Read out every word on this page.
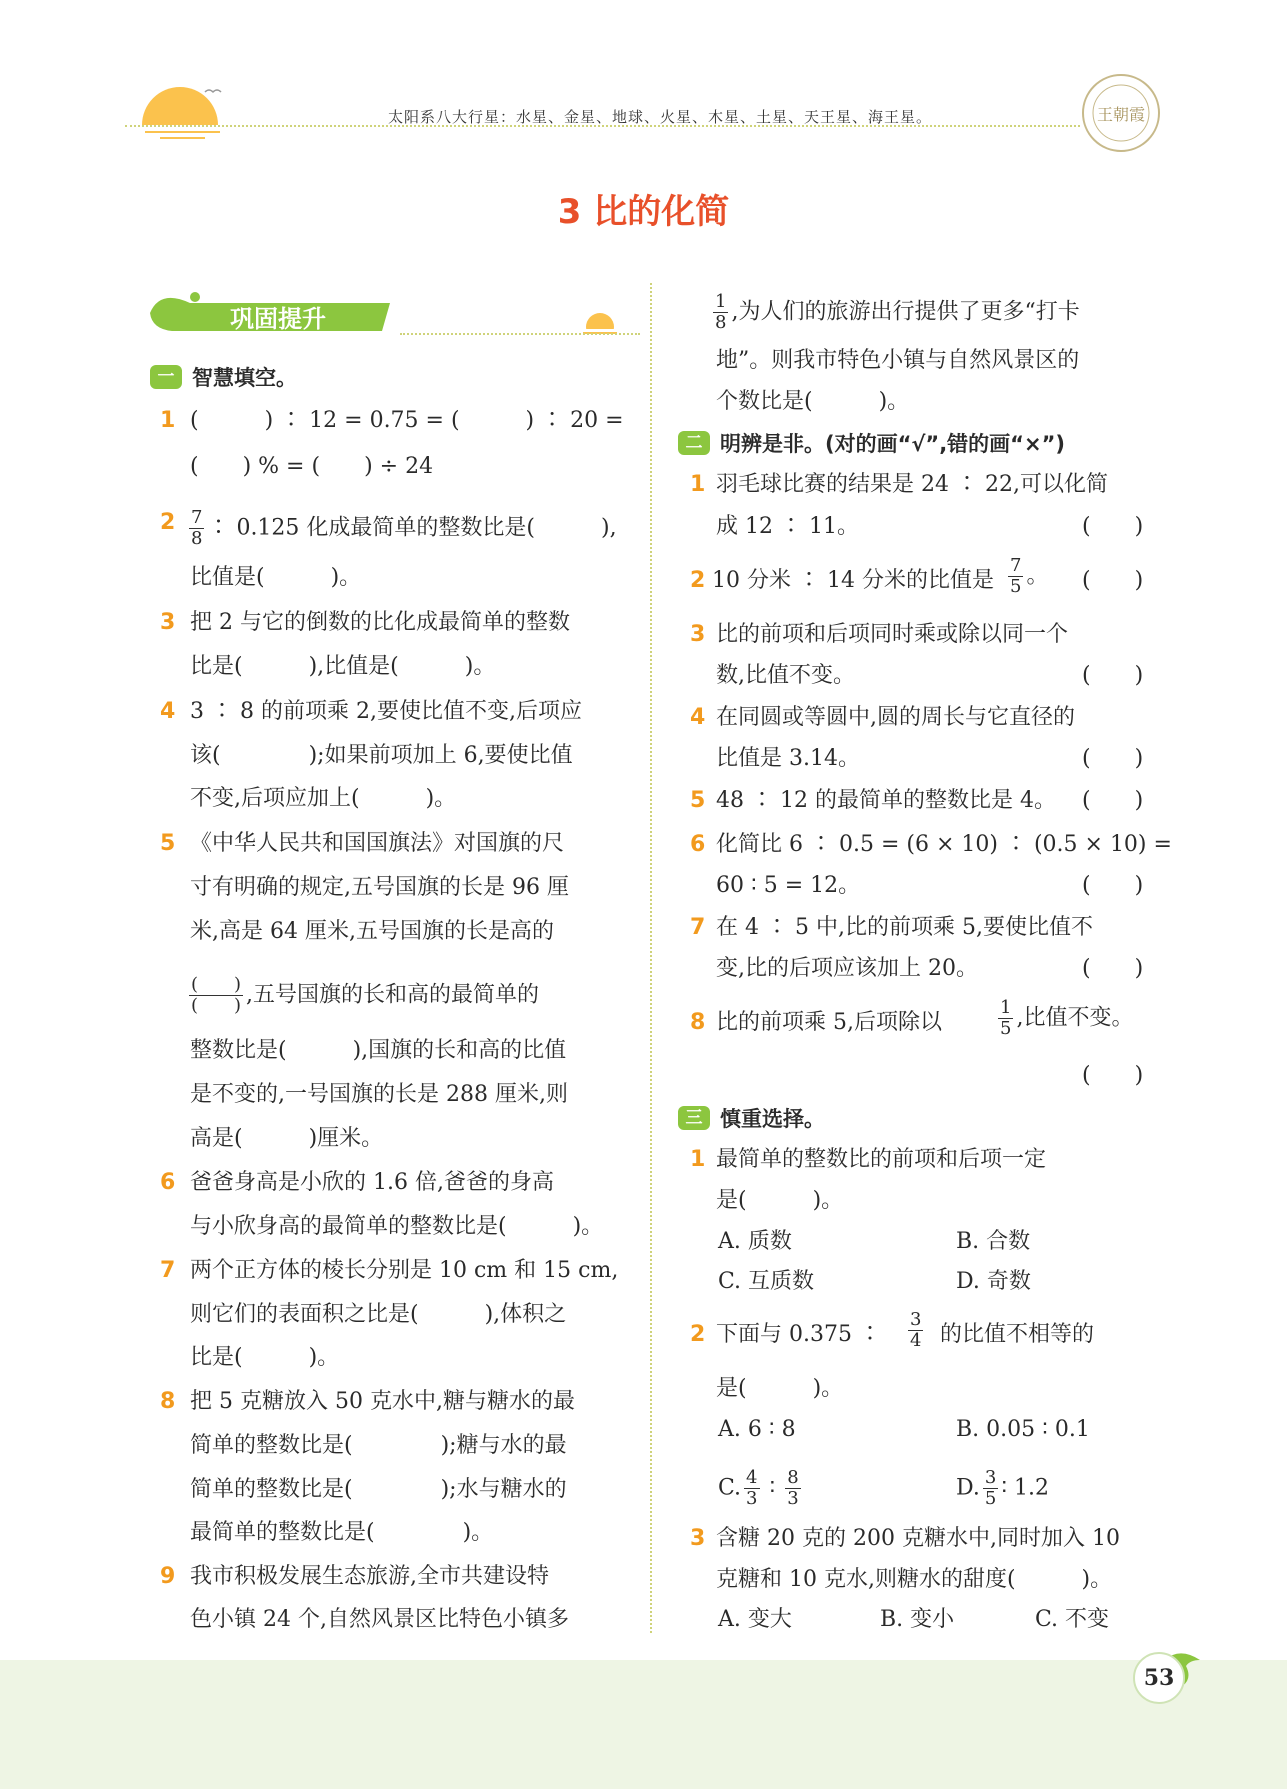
太阳系八大行星：水星、金星、地球、火星、木星、土星、天王星、海王星。	王朝霞
3 比的化简
巩固提升
一 智慧填空。
1 (　　　) ∶ 12 = 0.75 = (　　　) ∶ 20 =
(　　) % = (　　) ÷ 24
$2 \frac{7}{8}$ ∶ 0.125 化成最简单的整数比是(　　　),
比值是(　　　)。
3 把 2 与它的倒数的比化成最简单的整数
比是(　　　),比值是(　　　)。
4 3 ∶ 8 的前项乘 2,要使比值不变,后项应
该(　　　　);如果前项加上 6,要使比值
不变,后项应加上(　　　)。
5 《中华人民共和国国旗法》对国旗的尺
寸有明确的规定,五号国旗的长是 96 厘
米,高是 64 厘米,五号国旗的长是高的
$\frac{( )}{( )}$ ,五号国旗的长和高的最简单的
整数比是(　　　),国旗的长和高的比值
是不变的,一号国旗的长是 288 厘米,则
高是(　　　)厘米。
6 爸爸身高是小欣的 1.6 倍,爸爸的身高
与小欣身高的最简单的整数比是(　　　)。
7 两个正方体的棱长分别是 10 cm 和 15 cm,
则它们的表面积之比是(　　　),体积之
比是(　　　)。
8 把 5 克糖放入 50 克水中,糖与糖水的最
简单的整数比是(　　　　);糖与水的最
简单的整数比是(　　　　);水与糖水的
最简单的整数比是(　　　　)。
9 我市积极发展生态旅游,全市共建设特
色小镇 24 个,自然风景区比特色小镇多
$\frac{1}{8}$ ,为人们的旅游出行提供了更多“打卡
地”。则我市特色小镇与自然风景区的
个数比是(　　　)。
二 明辨是非。(对的画“√”,错的画“×”)
1 羽毛球比赛的结果是 24 ∶ 22,可以化简
成 12 ∶ 11。	(　　)
2 10 分米 ∶ 14 分米的比值是 $\frac{7}{5}$ 。 (　　)
3 比的前项和后项同时乘或除以同一个
数,比值不变。	(　　)
4 在同圆或等圆中,圆的周长与它直径的
比值是 3.14。	(　　)
5 48 ∶ 12 的最简单的整数比是 4。 (　　)
6 化简比 6 ∶ 0.5 = (6 × 10) ∶ (0.5 × 10) =
60 ∶ 5 = 12。	(　　)
7 在 4 ∶ 5 中,比的前项乘 5,要使比值不
变,比的后项应该加上 20。	(　　)
8 比的前项乘 5,后项除以	$\frac{1}{5}$ ,比值不变。
(　　)
三 慎重选择。
1 最简单的整数比的前项和后项一定
是(　　　)。
A. 质数	B. 合数
C. 互质数	D. 奇数
2 下面与 0.375 ∶ $\frac{3}{4}$ 的比值不相等的
是(　　　)。
A. 6 ∶ 8	B. 0.05 ∶ 0.1
C. $\frac{4}{3}$ ∶ $\frac{8}{3}$	D. $\frac{3}{5}$ ∶ 1.2
3 含糖 20 克的 200 克糖水中,同时加入 10
克糖和 10 克水,则糖水的甜度(　　　)。
A. 变大	B. 变小	C. 不变
53
